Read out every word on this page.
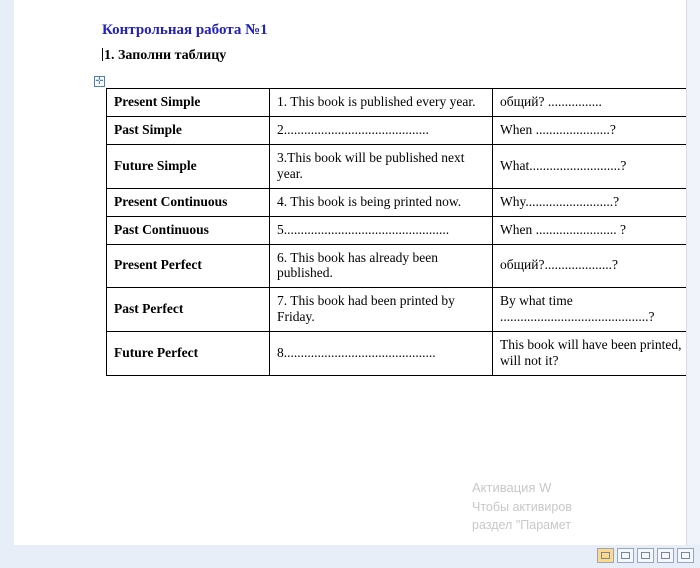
Контрольная работа №1
1. Заполни таблицу
✛
Present Simple	1. This book is published every year.	общий? ................
Past Simple	2...........................................	When ......................?
Future Simple	3.This book will be published next year.	What...........................?
Present Continuous	4. This book is being printed now.	Why..........................?
Past Continuous	5.................................................	When ........................ ?
Present Perfect	6. This book has already been published.	общий?....................?
Past Perfect	7. This book had been printed by Friday.	By what time ............................................?
Future Perfect	8.............................................	This book will have been printed, will not it?
Активация W
Чтобы активиров
раздел "Парамет
